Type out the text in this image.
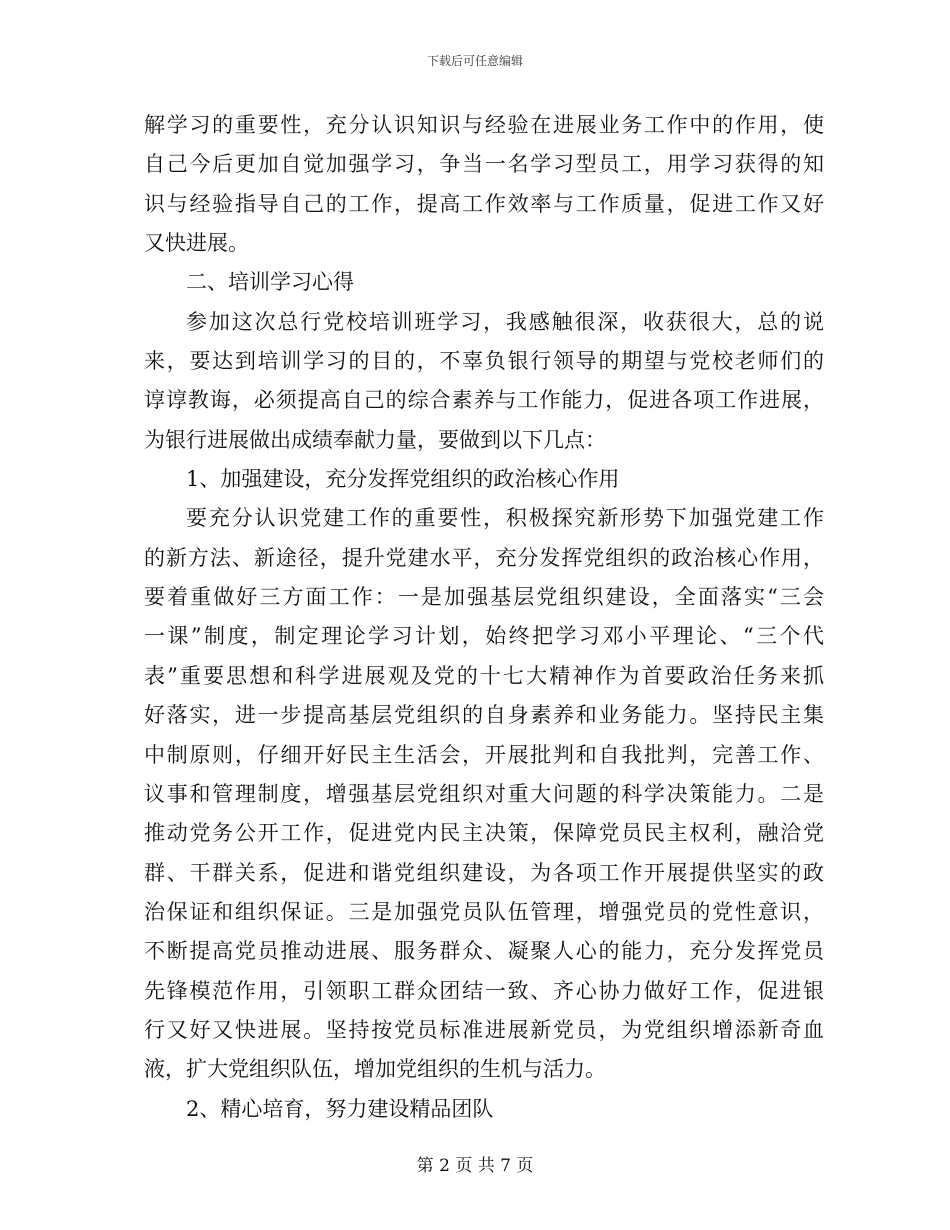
下载后可任意编辑
解学习的重要性，充分认识知识与经验在进展业务工作中的作用，使
自己今后更加自觉加强学习，争当一名学习型员工，用学习获得的知
识与经验指导自己的工作，提高工作效率与工作质量，促进工作又好
又快进展。
二、培训学习心得
参加这次总行党校培训班学习，我感触很深，收获很大，总的说
来，要达到培训学习的目的，不辜负银行领导的期望与党校老师们的
谆谆教诲，必须提高自己的综合素养与工作能力，促进各项工作进展，
为银行进展做出成绩奉献力量，要做到以下几点：
1、加强建设，充分发挥党组织的政治核心作用
要充分认识党建工作的重要性，积极探究新形势下加强党建工作
的新方法、新途径，提升党建水平，充分发挥党组织的政治核心作用，
要着重做好三方面工作：一是加强基层党组织建设，全面落实“三会
一课”制度，制定理论学习计划，始终把学习邓小平理论、“三个代
表”重要思想和科学进展观及党的十七大精神作为首要政治任务来抓
好落实，进一步提高基层党组织的自身素养和业务能力。坚持民主集
中制原则，仔细开好民主生活会，开展批判和自我批判，完善工作、
议事和管理制度，增强基层党组织对重大问题的科学决策能力。二是
推动党务公开工作，促进党内民主决策，保障党员民主权利，融洽党
群、干群关系，促进和谐党组织建设，为各项工作开展提供坚实的政
治保证和组织保证。三是加强党员队伍管理，增强党员的党性意识，
不断提高党员推动进展、服务群众、凝聚人心的能力，充分发挥党员
先锋模范作用，引领职工群众团结一致、齐心协力做好工作，促进银
行又好又快进展。坚持按党员标准进展新党员，为党组织增添新奇血
液，扩大党组织队伍，增加党组织的生机与活力。
2、精心培育，努力建设精品团队
第 2 页 共 7 页
